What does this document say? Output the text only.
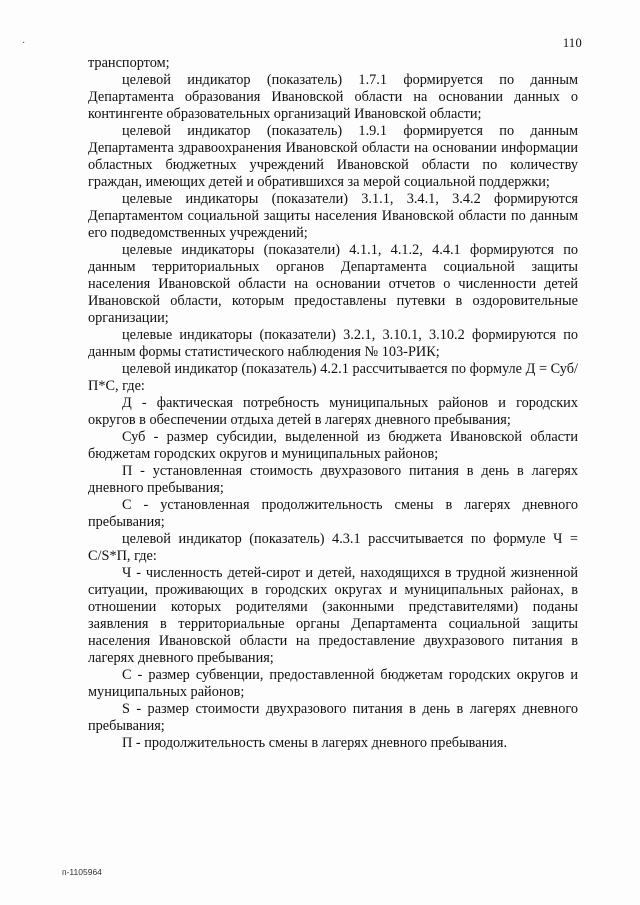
·	110

транспортом;

целевой индикатор (показатель) 1.7.1 формируется по данным Департамента образования Ивановской области на основании данных о контингенте образовательных организаций Ивановской области;

целевой индикатор (показатель) 1.9.1 формируется по данным Департамента здравоохранения Ивановской области на основании информации областных бюджетных учреждений Ивановской области по количеству граждан, имеющих детей и обратившихся за мерой социальной поддержки;

целевые индикаторы (показатели) 3.1.1, 3.4.1, 3.4.2 формируются Департаментом социальной защиты населения Ивановской области по данным его подведомственных учреждений;

целевые индикаторы (показатели) 4.1.1, 4.1.2, 4.4.1 формируются по данным территориальных органов Департамента социальной защиты населения Ивановской области на основании отчетов о численности детей Ивановской области, которым предоставлены путевки в оздоровительные организации;

целевые индикаторы (показатели) 3.2.1, 3.10.1, 3.10.2 формируются по данным формы статистического наблюдения № 103-РИК;

целевой индикатор (показатель) 4.2.1 рассчитывается по формуле Д = Суб/П*С, где:

Д - фактическая потребность муниципальных районов и городских округов в обеспечении отдыха детей в лагерях дневного пребывания;

Суб - размер субсидии, выделенной из бюджета Ивановской области бюджетам городских округов и муниципальных районов;

П - установленная стоимость двухразового питания в день в лагерях дневного пребывания;

С - установленная продолжительность смены в лагерях дневного пребывания;

целевой индикатор (показатель) 4.3.1 рассчитывается по формуле Ч = C/S*П, где:

Ч - численность детей-сирот и детей, находящихся в трудной жизненной ситуации, проживающих в городских округах и муниципальных районах, в отношении которых родителями (законными представителями) поданы заявления в территориальные органы Департамента социальной защиты населения Ивановской области на предоставление двухразового питания в лагерях дневного пребывания;

С - размер субвенции, предоставленной бюджетам городских округов и муниципальных районов;

S - размер стоимости двухразового питания в день в лагерях дневного пребывания;

П - продолжительность смены в лагерях дневного пребывания.

п-1105964
